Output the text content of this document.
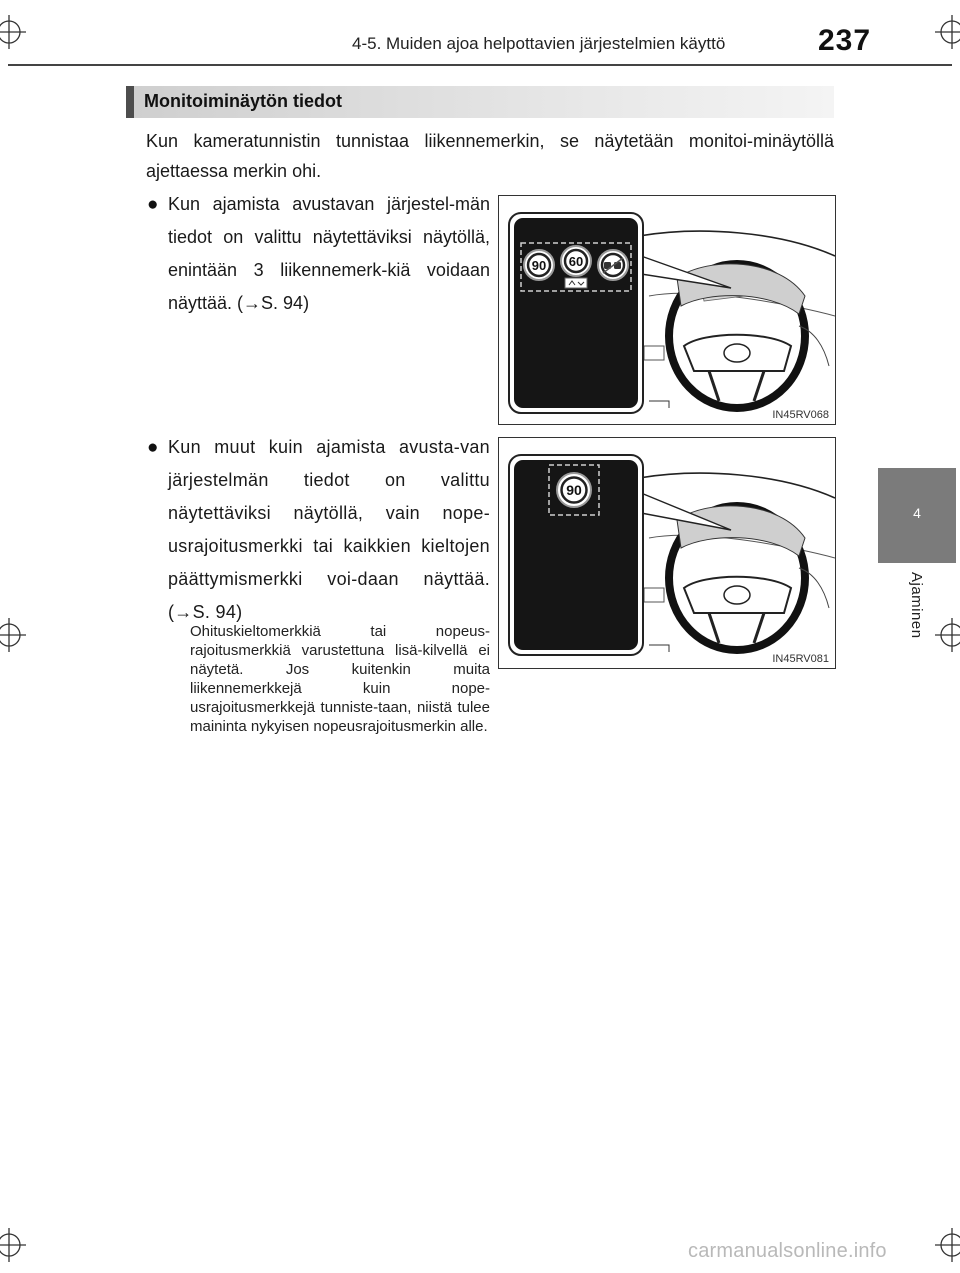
4-5. Muiden ajoa helpottavien järjestelmien käyttö	237
4
Ajaminen
Monitoiminäytön tiedot
Kun kameratunnistin tunnistaa liikennemerkin, se näytetään monitoi-minäytöllä ajettaessa merkin ohi.
● Kun ajamista avustavan järjestel-män tiedot on valittu näytettäviksi näytöllä, enintään 3 liikennemerk-kiä voidaan näyttää. (→S. 94)
90 60
IN45RV068
● Kun muut kuin ajamista avusta-van järjestelmän tiedot on valittu näytettäviksi näytöllä, vain nope-usrajoitusmerkki tai kaikkien kieltojen päättymismerkki voi-daan näyttää. (→S. 94)
Ohituskieltomerkkiä tai nopeus-rajoitusmerkkiä varustettuna lisä-kilvellä ei näytetä. Jos kuitenkin muita liikennemerkkejä kuin nope-usrajoitusmerkkejä tunniste-taan, niistä tulee maininta nykyisen nopeusrajoitusmerkin alle.
90
IN45RV081
carmanualsonline.info
